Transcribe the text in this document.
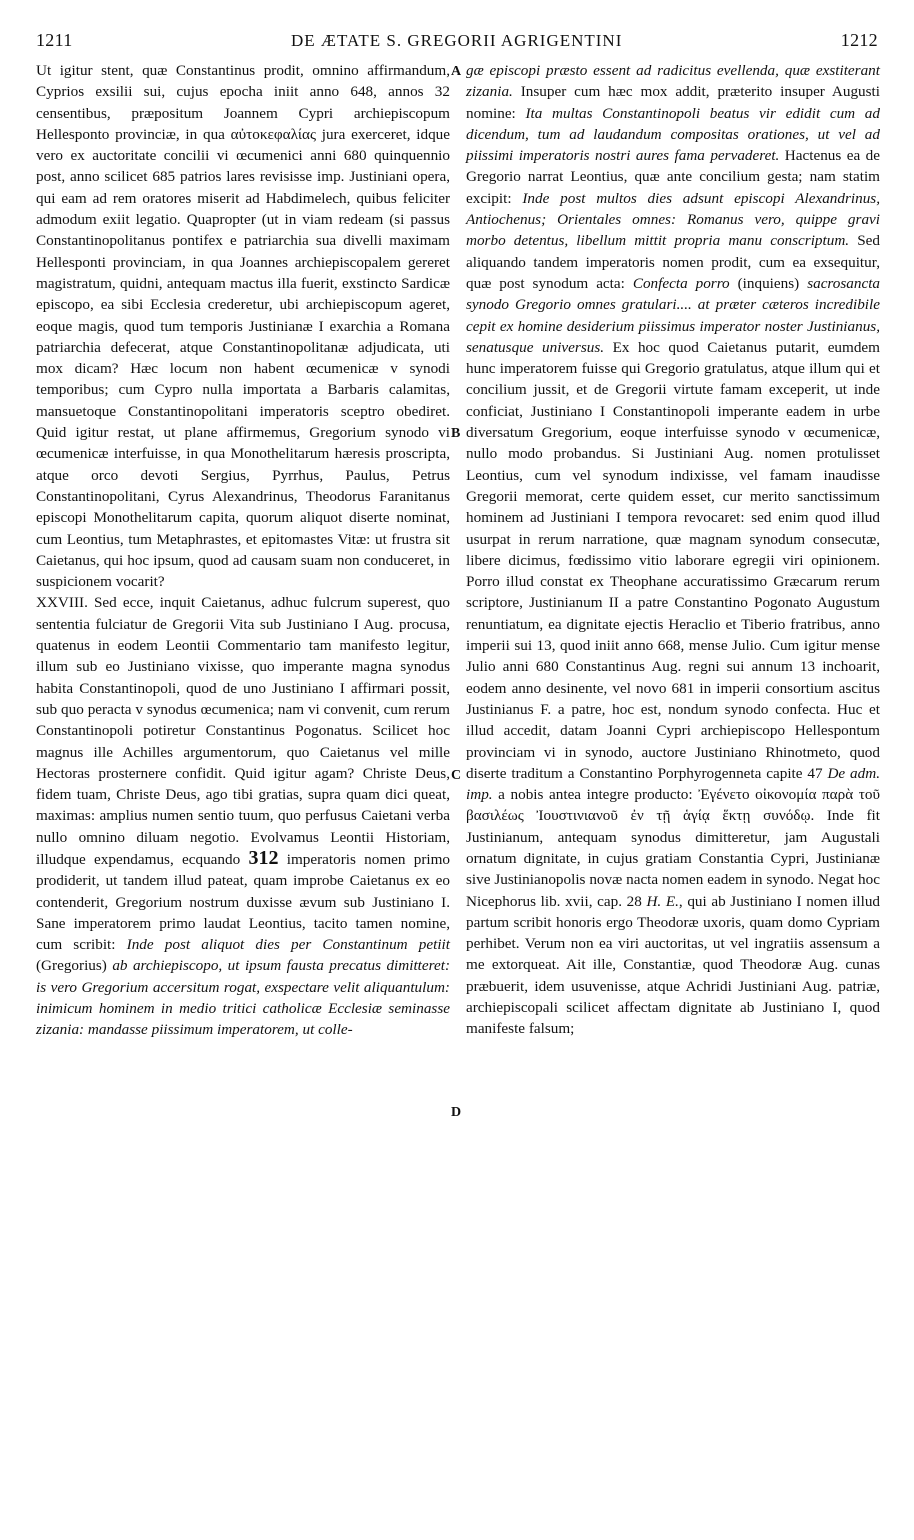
1211	DE ÆTATE S. GREGORII AGRIGENTINI	1212
A
B
C
D

Ut igitur stent, quæ Constantinus prodit, omnino affirmandum, Cyprios exsilii sui, cujus epocha iniit anno 648, annos 32 censentibus, præpositum Joannem Cypri archiepiscopum Hellesponto provinciæ, in qua αὐτοκεφαλίας jura exerceret, idque vero ex auctoritate concilii vi œcumenici anni 680 quinquennio post, anno scilicet 685 patrios lares revisisse imp. Justiniani opera, qui eam ad rem oratores miserit ad Habdimelech, quibus feliciter admodum exiit legatio. Quapropter (ut in viam redeam (si passus Constantinopolitanus pontifex e patriarchia sua divelli maximam Hellesponti provinciam, in qua Joannes archiepiscopalem gereret magistratum, quidni, antequam mactus illa fuerit, exstincto Sardicæ episcopo, ea sibi Ecclesia crederetur, ubi archiepiscopum ageret, eoque magis, quod tum temporis Justinianæ I exarchia a Romana patriarchia defecerat, atque Constantinopolitanæ adjudicata, uti mox dicam? Hæc locum non habent œcumenicæ v synodi temporibus; cum Cypro nulla importata a Barbaris calamitas, mansuetoque Constantinopolitani imperatoris sceptro obediret. Quid igitur restat, ut plane affirmemus, Gregorium synodo vi œcumenicæ interfuisse, in qua Monothelitarum hæresis proscripta, atque orco devoti Sergius, Pyrrhus, Paulus, Petrus Constantinopolitani, Cyrus Alexandrinus, Theodorus Faranitanus episcopi Monothelitarum capita, quorum aliquot diserte nominat, cum Leontius, tum Metaphrastes, et epitomastes Vitæ: ut frustra sit Caietanus, qui hoc ipsum, quod ad causam suam non conduceret, in suspicionem vocarit?

XXVIII. Sed ecce, inquit Caietanus, adhuc fulcrum superest, quo sententia fulciatur de Gregorii Vita sub Justiniano I Aug. procusa, quatenus in eodem Leontii Commentario tam manifesto legitur, illum sub eo Justiniano vixisse, quo imperante magna synodus habita Constantinopoli, quod de uno Justiniano I affirmari possit, sub quo peracta v synodus œcumenica; nam vi convenit, cum rerum Constantinopoli potiretur Constantinus Pogonatus. Scilicet hoc magnus ille Achilles argumentorum, quo Caietanus vel mille Hectoras prosternere confidit. Quid igitur agam? Christe Deus, fidem tuam, Christe Deus, ago tibi gratias, supra quam dici queat, maximas: amplius numen sentio tuum, quo perfusus Caietani verba nullo omnino diluam negotio. Evolvamus Leontii Historiam, illudque expendamus, ecquando 312 imperatoris nomen primo prodiderit, ut tandem illud pateat, quam improbe Caietanus ex eo contenderit, Gregorium nostrum duxisse ævum sub Justiniano I. Sane imperatorem primo laudat Leontius, tacito tamen nomine, cum scribit: Inde post aliquot dies per Constantinum petiit (Gregorius) ab archiepiscopo, ut ipsum fausta precatus dimitteret: is vero Gregorium accersitum rogat, exspectare velit aliquantulum: inimicum hominem in medio tritici catholicæ Ecclesiæ seminasse zizania: mandasse piissimum imperatorem, ut colle-

gæ episcopi præsto essent ad radicitus evellenda, quæ exstiterant zizania. Insuper cum hæc mox addit, præterito insuper Augusti nomine: Ita multas Constantinopoli beatus vir edidit cum ad dicendum, tum ad laudandum compositas orationes, ut vel ad piissimi imperatoris nostri aures fama pervaderet. Hactenus ea de Gregorio narrat Leontius, quæ ante concilium gesta; nam statim excipit: Inde post multos dies adsunt episcopi Alexandrinus, Antiochenus; Orientales omnes: Romanus vero, quippe gravi morbo detentus, libellum mittit propria manu conscriptum. Sed aliquando tandem imperatoris nomen prodit, cum ea exsequitur, quæ post synodum acta: Confecta porro (inquiens) sacrosancta synodo Gregorio omnes gratulari.... at præter cæteros incredibile cepit ex homine desiderium piissimus imperator noster Justinianus, senatusque universus. Ex hoc quod Caietanus putarit, eumdem hunc imperatorem fuisse qui Gregorio gratulatus, atque illum qui et concilium jussit, et de Gregorii virtute famam exceperit, ut inde conficiat, Justiniano I Constantinopoli imperante eadem in urbe diversatum Gregorium, eoque interfuisse synodo v œcumenicæ, nullo modo probandus. Si Justiniani Aug. nomen protulisset Leontius, cum vel synodum indixisse, vel famam inaudisse Gregorii memorat, certe quidem esset, cur merito sanctissimum hominem ad Justiniani I tempora revocaret: sed enim quod illud usurpat in rerum narratione, quæ magnam synodum consecutæ, libere dicimus, fœdissimo vitio laborare egregii viri opinionem. Porro illud constat ex Theophane accuratissimo Græcarum rerum scriptore, Justinianum II a patre Constantino Pogonato Augustum renuntiatum, ea dignitate ejectis Heraclio et Tiberio fratribus, anno imperii sui 13, quod iniit anno 668, mense Julio. Cum igitur mense Julio anni 680 Constantinus Aug. regni sui annum 13 inchoarit, eodem anno desinente, vel novo 681 in imperii consortium ascitus Justinianus F. a patre, hoc est, nondum synodo confecta. Huc et illud accedit, datam Joanni Cypri archiepiscopo Hellespontum provinciam vi in synodo, auctore Justiniano Rhinotmeto, quod diserte traditum a Constantino Porphyrogenneta capite 47 De adm. imp. a nobis antea integre producto: Ἐγένετο οἰκονομία παρὰ τοῦ βασιλέως Ἰουστινιανοῦ ἐν τῇ ἁγίᾳ ἕκτῃ συνόδῳ. Inde fit Justinianum, antequam synodus dimitteretur, jam Augustali ornatum dignitate, in cujus gratiam Constantia Cypri, Justinianæ sive Justinianopolis novæ nacta nomen eadem in synodo. Negat hoc Nicephorus lib. xvii, cap. 28 H. E., qui ab Justiniano I nomen illud partum scribit honoris ergo Theodoræ uxoris, quam domo Cypriam perhibet. Verum non ea viri auctoritas, ut vel ingratiis assensum a me extorqueat. Ait ille, Constantiæ, quod Theodoræ Aug. cunas præbuerit, idem usuvenisse, atque Achridi Justiniani Aug. patriæ, archiepiscopali scilicet affectam dignitate ab Justiniano I, quod manifeste falsum;
